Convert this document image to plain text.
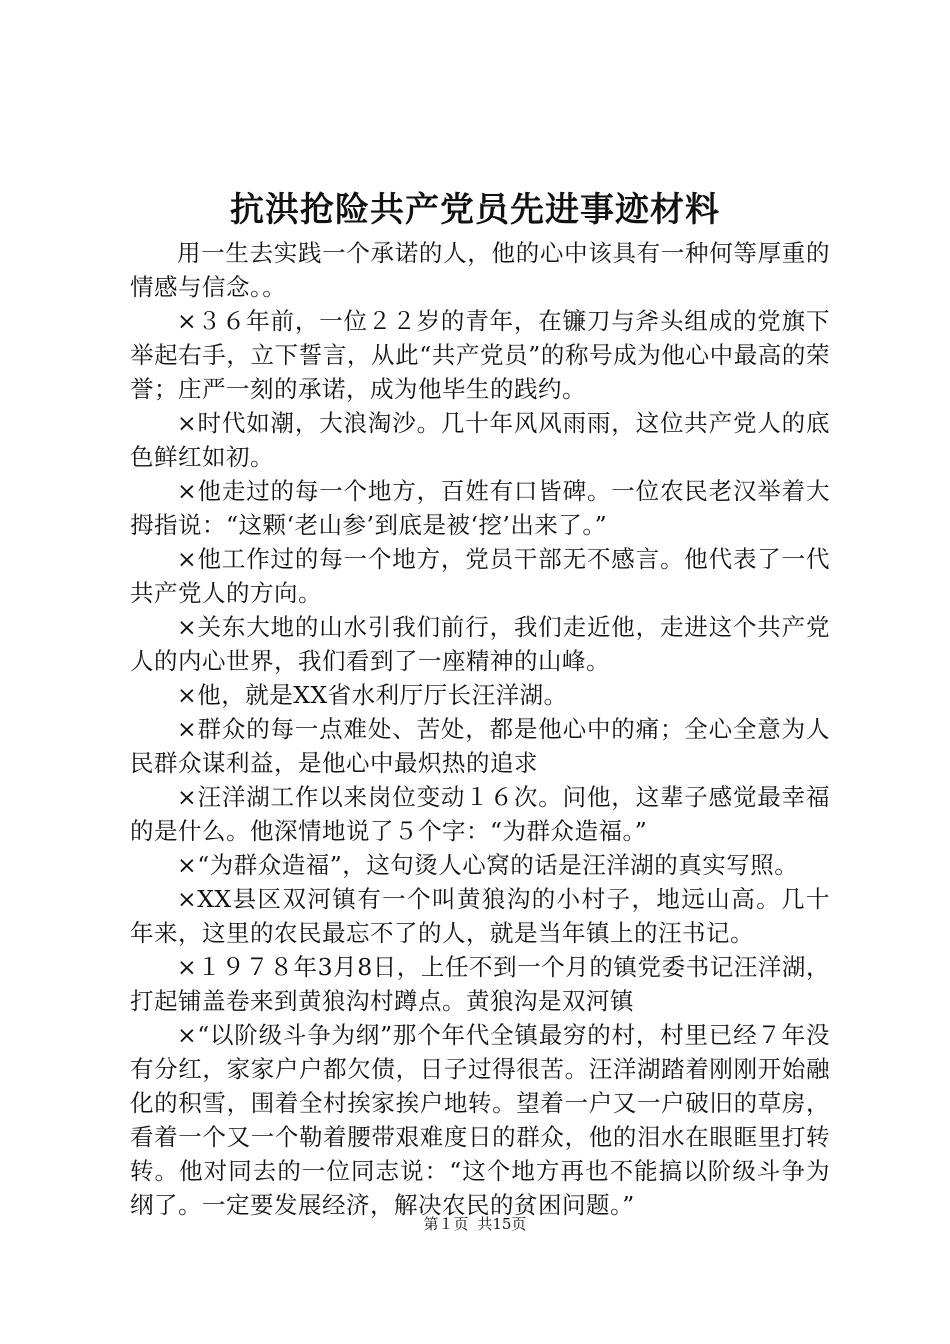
抗洪抢险共产党员先进事迹材料

用一生去实践一个承诺的人，他的心中该具有一种何等厚重的情感与信念。。

×３６年前，一位２２岁的青年，在镰刀与斧头组成的党旗下举起右手，立下誓言，从此“共产党员”的称号成为他心中最高的荣誉；庄严一刻的承诺，成为他毕生的践约。

×时代如潮，大浪淘沙。几十年风风雨雨，这位共产党人的底色鲜红如初。

×他走过的每一个地方，百姓有口皆碑。一位农民老汉举着大拇指说：“这颗‘老山参’到底是被‘挖’出来了。”

×他工作过的每一个地方，党员干部无不感言。他代表了一代共产党人的方向。

×关东大地的山水引我们前行，我们走近他，走进这个共产党人的内心世界，我们看到了一座精神的山峰。

×他，就是XX省水利厅厅长汪洋湖。

×群众的每一点难处、苦处，都是他心中的痛；全心全意为人民群众谋利益，是他心中最炽热的追求

×汪洋湖工作以来岗位变动１６次。问他，这辈子感觉最幸福的是什么。他深情地说了５个字：“为群众造福。”

×“为群众造福”，这句烫人心窝的话是汪洋湖的真实写照。

×XX县区双河镇有一个叫黄狼沟的小村子，地远山高。几十年来，这里的农民最忘不了的人，就是当年镇上的汪书记。

×１９７８年3月8日，上任不到一个月的镇党委书记汪洋湖，打起铺盖卷来到黄狼沟村蹲点。黄狼沟是双河镇

×“以阶级斗争为纲”那个年代全镇最穷的村，村里已经７年没有分红，家家户户都欠债，日子过得很苦。汪洋湖踏着刚刚开始融化的积雪，围着全村挨家挨户地转。望着一户又一户破旧的草房，看着一个又一个勒着腰带艰难度日的群众，他的泪水在眼眶里打转转。他对同去的一位同志说：“这个地方再也不能搞以阶级斗争为纲了。一定要发展经济，解决农民的贫困问题。”

第１页 共15页
